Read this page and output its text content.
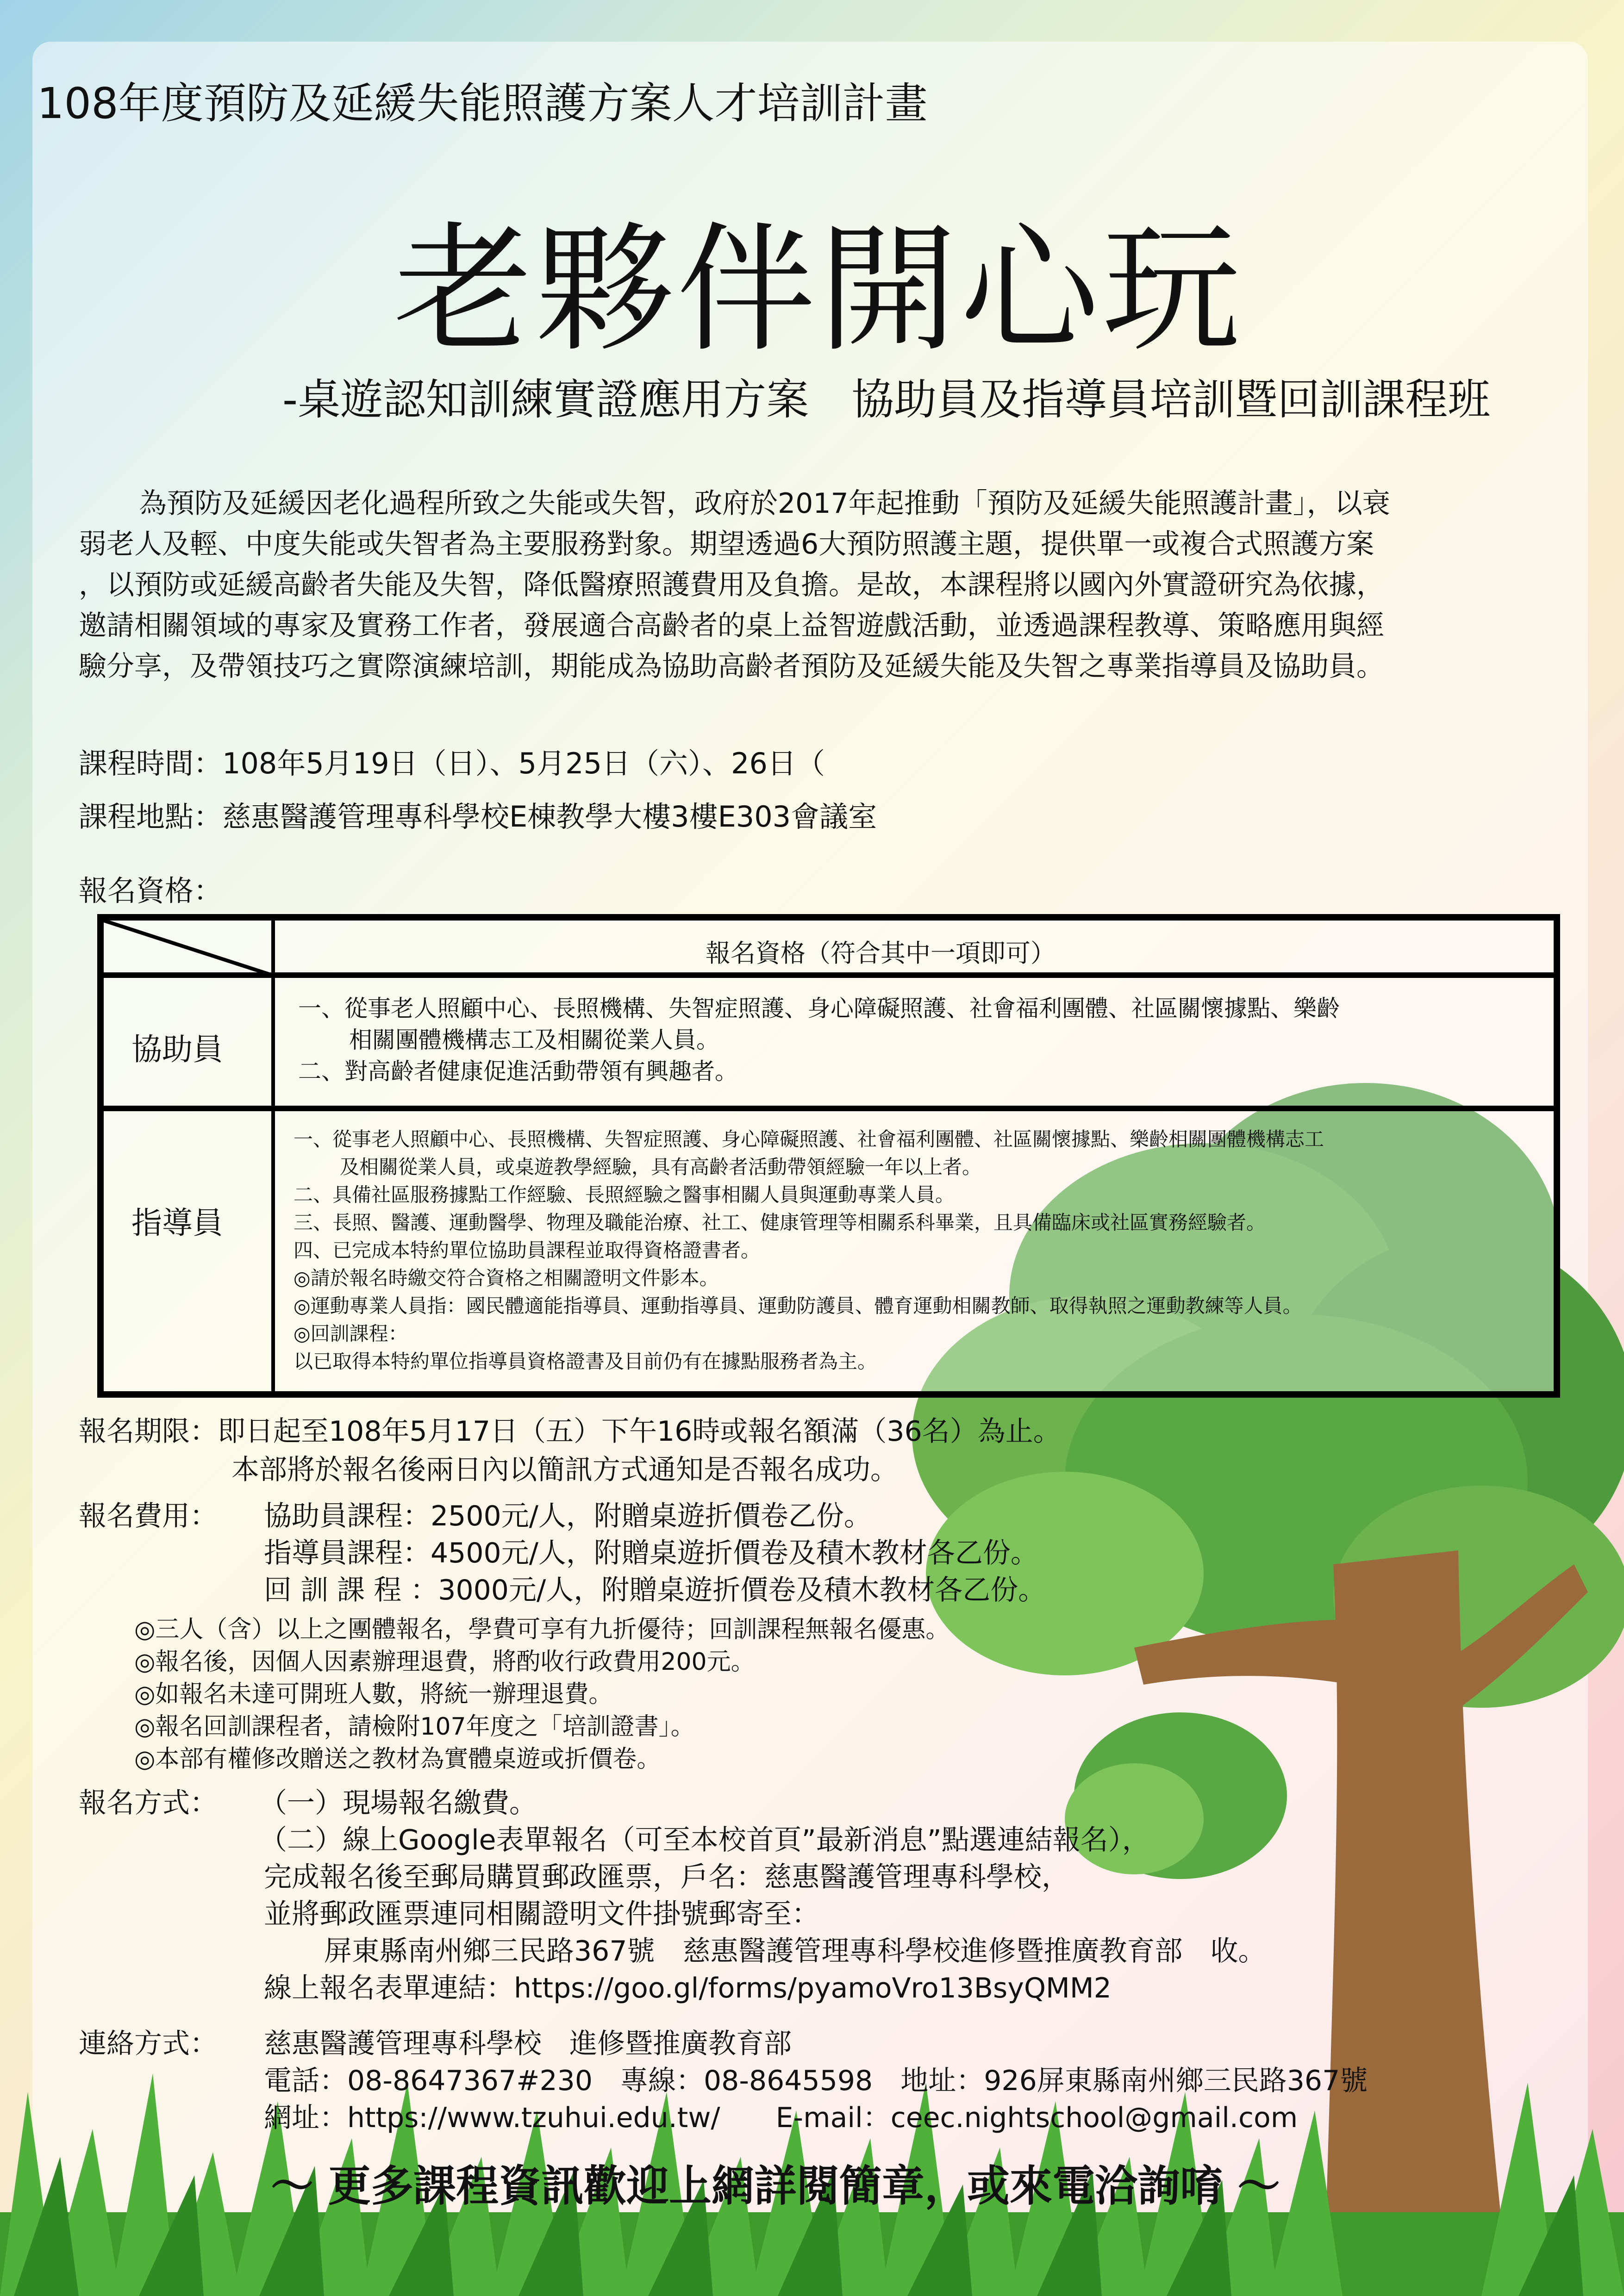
108年度預防及延緩失能照護方案人才培訓計畫
老夥伴開心玩
-桌遊認知訓練實證應用方案　協助員及指導員培訓暨回訓課程班
為預防及延緩因老化過程所致之失能或失智，政府於2017年起推動「預防及延緩失能照護計畫」，以衰
弱老人及輕、中度失能或失智者為主要服務對象。期望透過6大預防照護主題，提供單一或複合式照護方案
，以預防或延緩高齡者失能及失智，降低醫療照護費用及負擔。是故，本課程將以國內外實證研究為依據，
邀請相關領域的專家及實務工作者，發展適合高齡者的桌上益智遊戲活動，並透過課程教導、策略應用與經
驗分享，及帶領技巧之實際演練培訓，期能成為協助高齡者預防及延緩失能及失智之專業指導員及協助員。
課程時間：108年5月19日（日）、5月25日（六）、26日（
課程地點：慈惠醫護管理專科學校E棟教學大樓3樓E303會議室
報名資格：
報名資格（符合其中一項即可）
協助員
一、從事老人照顧中心、長照機構、失智症照護、身心障礙照護、社會福利團體、社區關懷據點、樂齡
相關團體機構志工及相關從業人員。
二、對高齡者健康促進活動帶領有興趣者。
指導員
一、從事老人照顧中心、長照機構、失智症照護、身心障礙照護、社會福利團體、社區關懷據點、樂齡相關團體機構志工
及相關從業人員，或桌遊教學經驗，具有高齡者活動帶領經驗一年以上者。
二、具備社區服務據點工作經驗、長照經驗之醫事相關人員與運動專業人員。
三、長照、醫護、運動醫學、物理及職能治療、社工、健康管理等相關系科畢業，且具備臨床或社區實務經驗者。
四、已完成本特約單位協助員課程並取得資格證書者。
◎請於報名時繳交符合資格之相關證明文件影本。
◎運動專業人員指：國民體適能指導員、運動指導員、運動防護員、體育運動相關教師、取得執照之運動教練等人員。
◎回訓課程：
以已取得本特約單位指導員資格證書及目前仍有在據點服務者為主。
報名期限：即日起至108年5月17日（五）下午16時或報名額滿（36名）為止。
本部將於報名後兩日內以簡訊方式通知是否報名成功。
報名費用： 協助員課程：2500元/人，附贈桌遊折價卷乙份。
指導員課程：4500元/人，附贈桌遊折價卷及積木教材各乙份。
回 訓 課 程 ：3000元/人，附贈桌遊折價卷及積木教材各乙份。
◎三人（含）以上之團體報名，學費可享有九折優待；回訓課程無報名優惠。
◎報名後，因個人因素辦理退費，將酌收行政費用200元。
◎如報名未達可開班人數，將統一辦理退費。
◎報名回訓課程者，請檢附107年度之「培訓證書」。
◎本部有權修改贈送之教材為實體桌遊或折價卷。
報名方式： （一）現場報名繳費。
（二）線上Google表單報名（可至本校首頁”最新消息”點選連結報名），
完成報名後至郵局購買郵政匯票，戶名：慈惠醫護管理專科學校，
並將郵政匯票連同相關證明文件掛號郵寄至：
屏東縣南州鄉三民路367號　慈惠醫護管理專科學校進修暨推廣教育部　收。
線上報名表單連結：https://goo.gl/forms/pyamoVro13BsyQMM2
連絡方式： 慈惠醫護管理專科學校　進修暨推廣教育部
電話：08-8647367#230　專線：08-8645598　地址：926屏東縣南州鄉三民路367號
網址：https://www.tzuhui.edu.tw/　　E-mail：ceec.nightschool@gmail.com
～ 更多課程資訊歡迎上網詳閱簡章，或來電洽詢唷 ～
